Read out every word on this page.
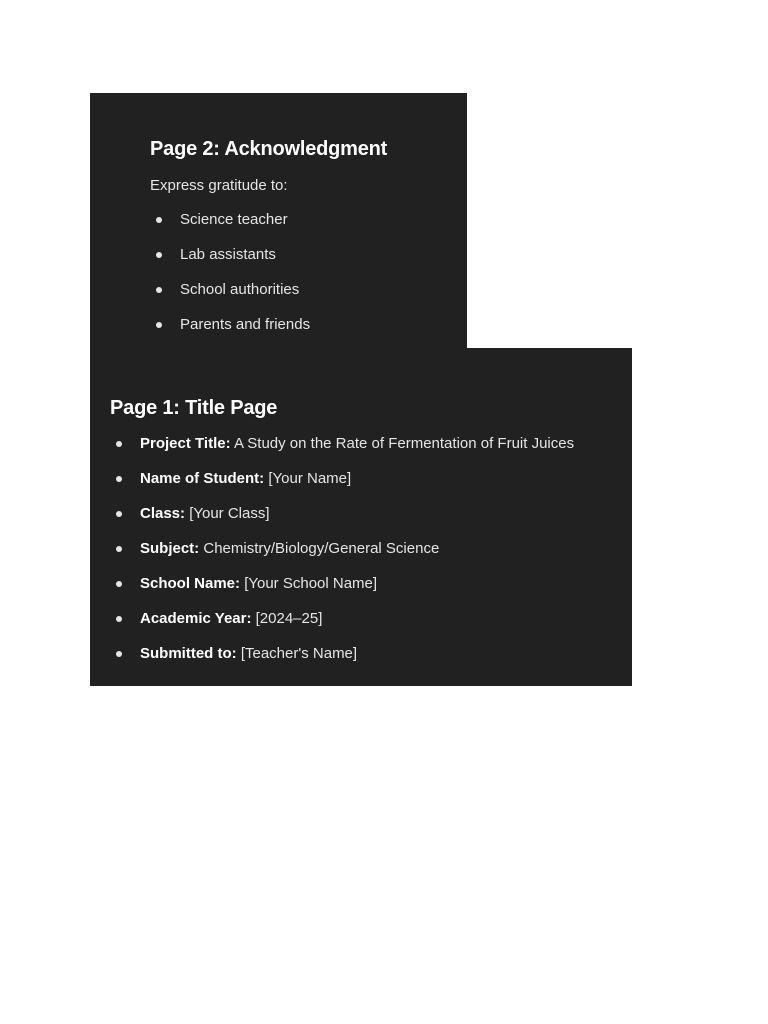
Page 2: Acknowledgment

Express gratitude to:

Science teacher
Lab assistants
School authorities
Parents and friends
Page 1: Title Page
Project Title: A Study on the Rate of Fermentation of Fruit Juices
Name of Student: [Your Name]
Class: [Your Class]
Subject: Chemistry/Biology/General Science
School Name: [Your School Name]
Academic Year: [2024–25]
Submitted to: [Teacher's Name]
